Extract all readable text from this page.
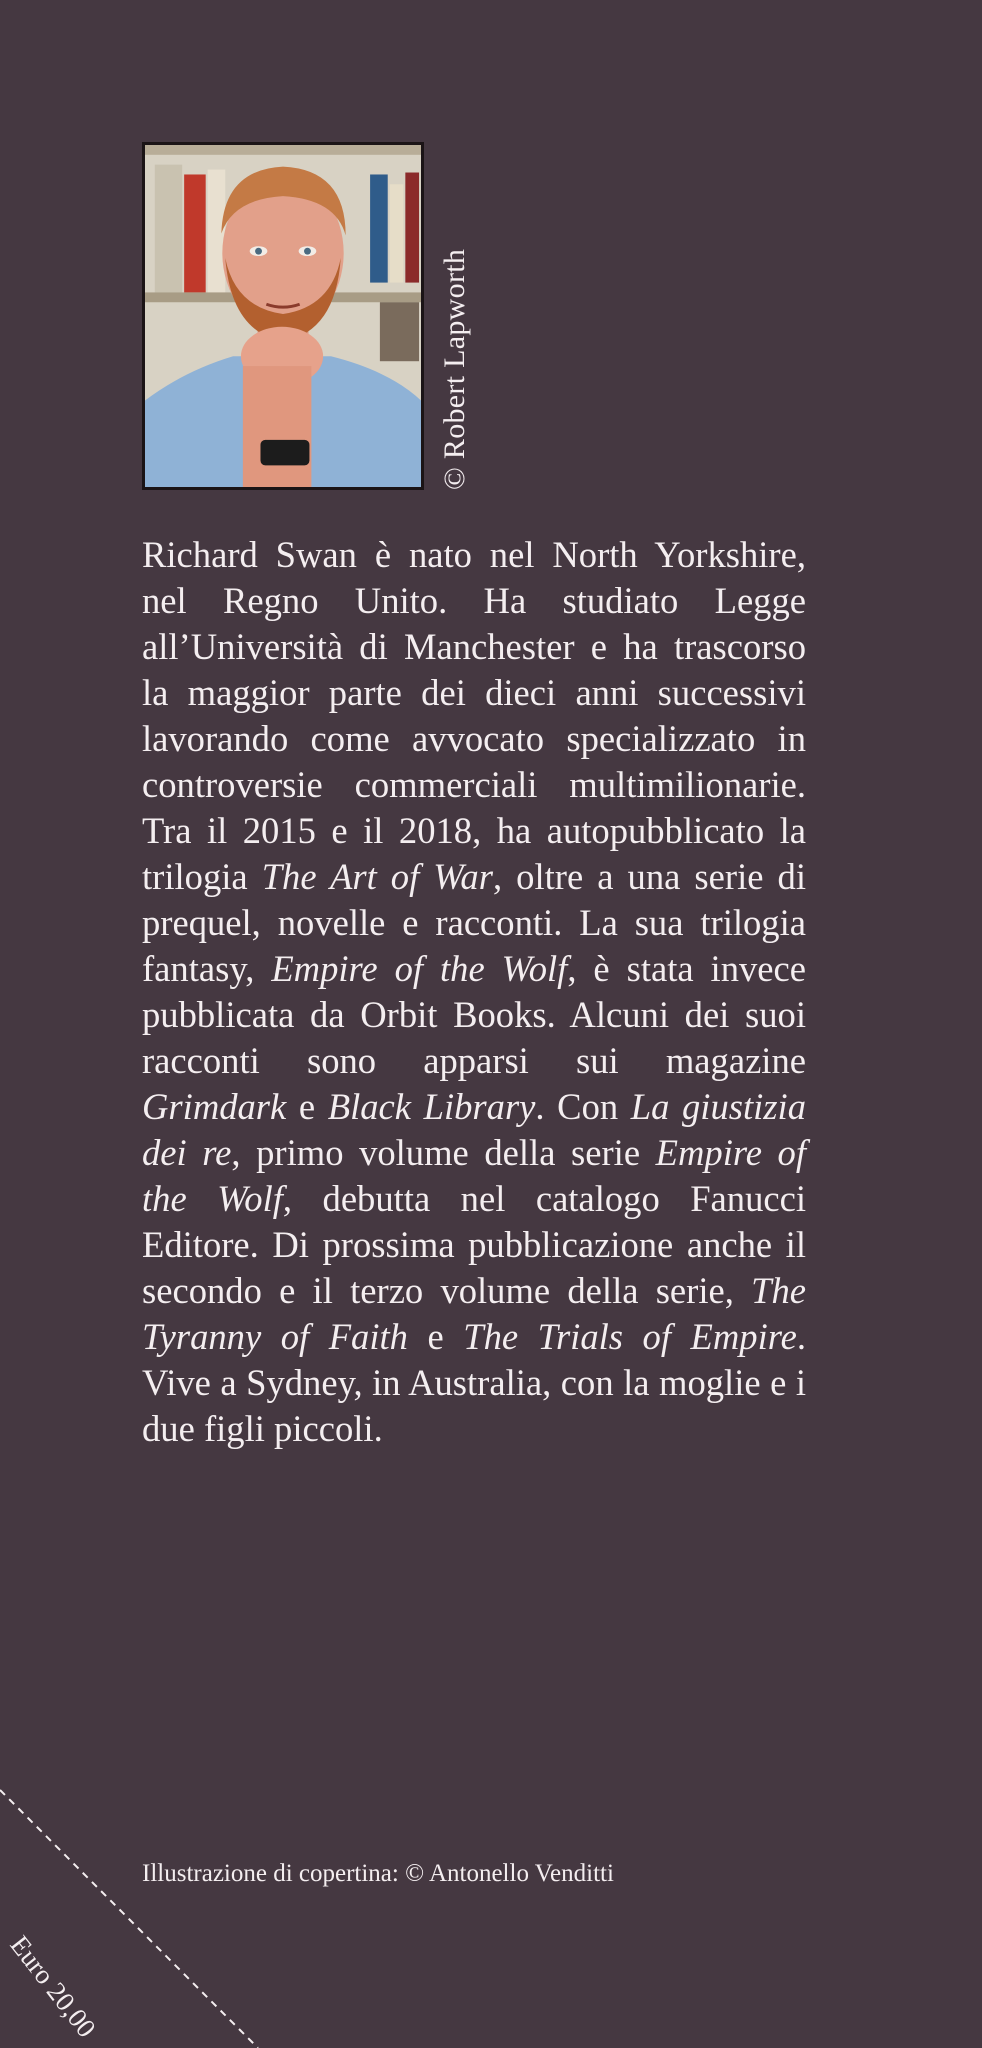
© Robert Lapworth

Richard Swan è nato nel North Yorkshire, nel Regno Unito. Ha studiato Legge all’Università di Manchester e ha trascorso la maggior parte dei dieci anni successivi lavorando come avvocato specializzato in controversie commerciali multimilionarie. Tra il 2015 e il 2018, ha autopubblicato la trilogia The Art of War, oltre a una serie di prequel, novelle e racconti. La sua trilogia fantasy, Empire of the Wolf, è stata invece pubblicata da Orbit Books. Alcuni dei suoi racconti sono apparsi sui magazine Grimdark e Black Library. Con La giustizia dei re, primo volume della serie Empire of the Wolf, debutta nel catalogo Fanucci Editore. Di prossima pubblicazione anche il secondo e il terzo volume della serie, The Tyranny of Faith e The Trials of Empire. Vive a Sydney, in Australia, con la moglie e i due figli piccoli.

Illustrazione di copertina: © Antonello Venditti
Euro 20,00
